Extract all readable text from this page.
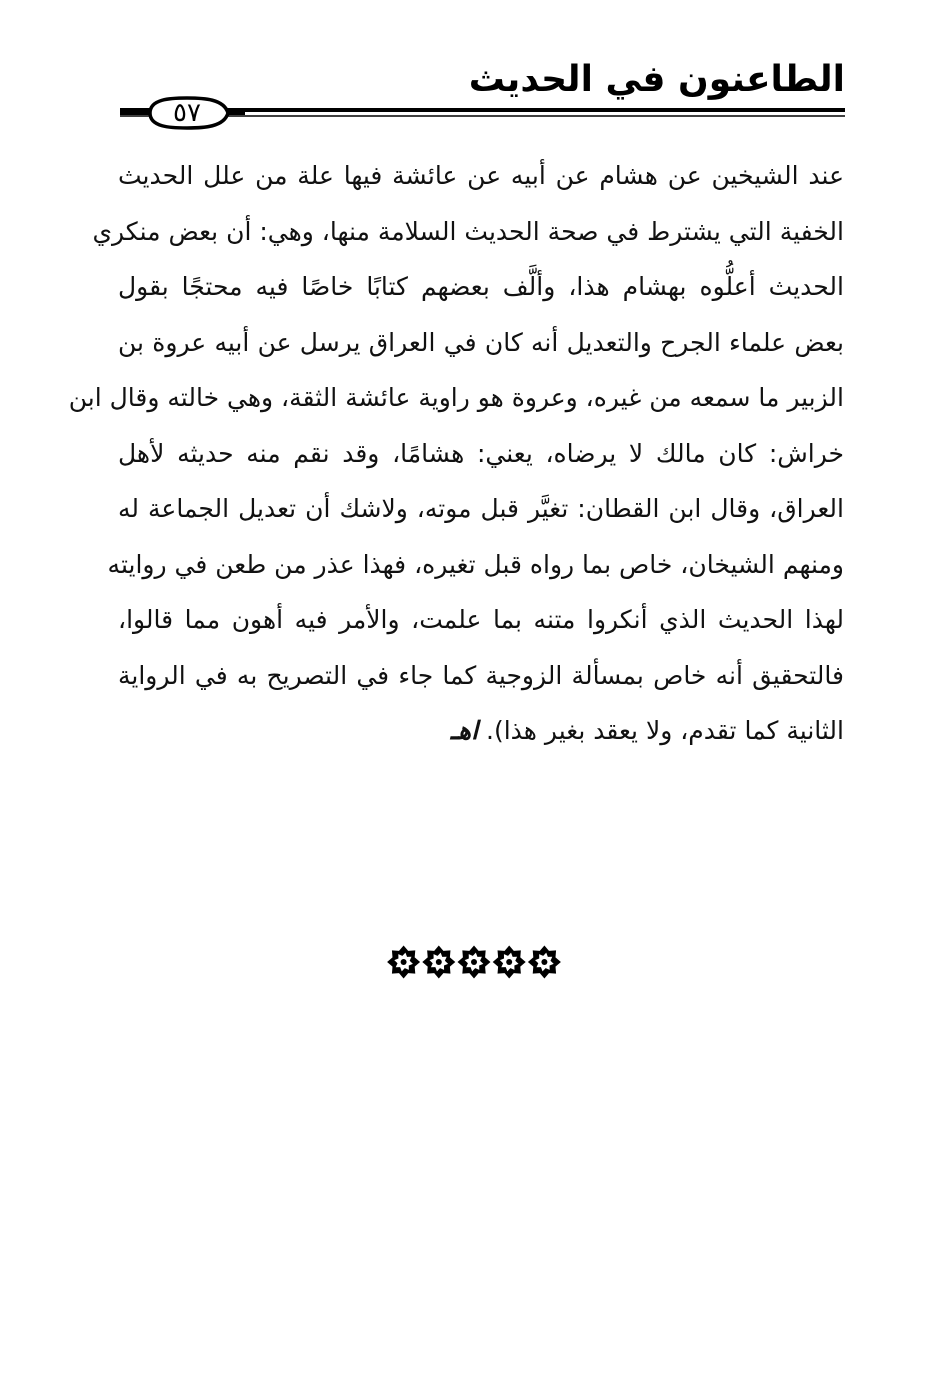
الطاعنون في الحديث
٥٧
عند الشيخين عن هشام عن أبيه عن عائشة فيها علة من علل الحديث
الخفية التي يشترط في صحة الحديث السلامة منها، وهي: أن بعض منكري
الحديث أعلُّوه بهشام هذا، وألَّف بعضهم كتابًا خاصًا فيه محتجًا بقول
بعض علماء الجرح والتعديل أنه كان في العراق يرسل عن أبيه عروة بن
الزبير ما سمعه من غيره، وعروة هو راوية عائشة الثقة، وهي خالته وقال ابن
خراش: كان مالك لا يرضاه، يعني: هشامًا، وقد نقم منه حديثه لأهل
العراق، وقال ابن القطان: تغيَّر قبل موته، ولاشك أن تعديل الجماعة له
ومنهم الشيخان، خاص بما رواه قبل تغيره، فهذا عذر من طعن في روايته
لهذا الحديث الذي أنكروا متنه بما علمت، والأمر فيه أهون مما قالوا،
فالتحقيق أنه خاص بمسألة الزوجية كما جاء في التصريح به في الرواية
الثانية كما تقدم، ولا يعقد بغير هذا). اهـ
